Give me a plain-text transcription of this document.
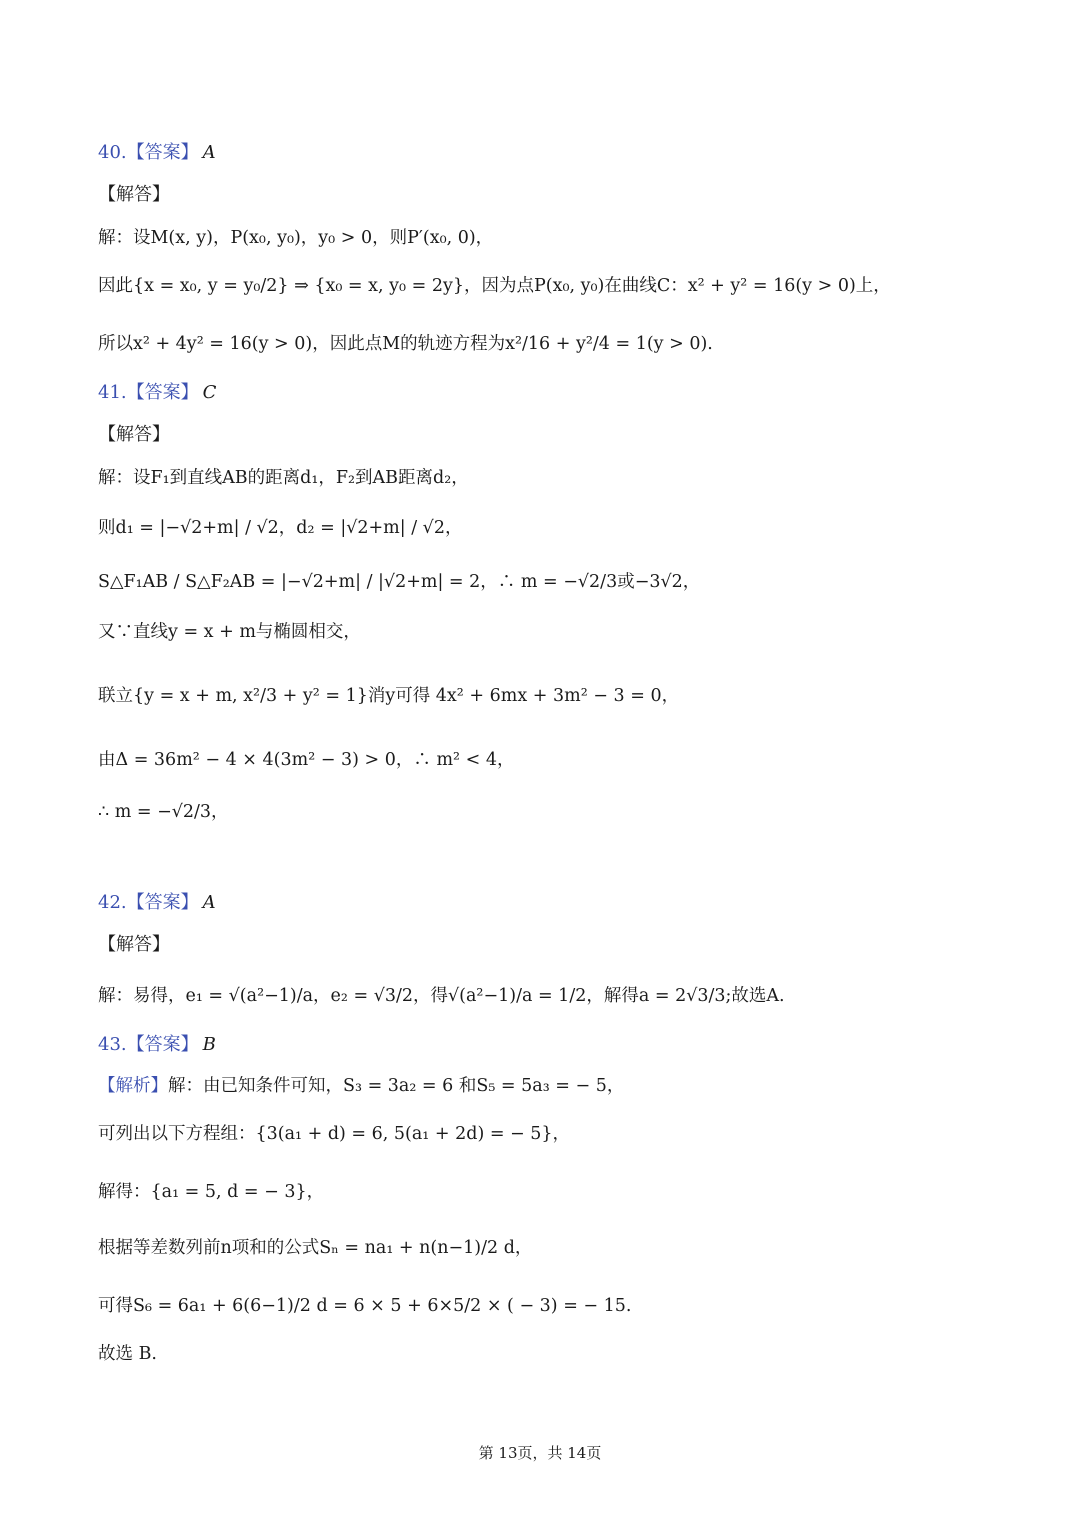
40.【答案】 A
【解答】
解：设M(x, y)，P(x₀, y₀)，y₀ > 0，则P′(x₀, 0)，
因此{x = x₀, y = y₀/2} ⇒ {x₀ = x, y₀ = 2y}，因为点P(x₀, y₀)在曲线C：x² + y² = 16(y > 0)上，
所以x² + 4y² = 16(y > 0)，因此点M的轨迹方程为x²/16 + y²/4 = 1(y > 0).
41.【答案】 C
【解答】
解：设F₁到直线AB的距离d₁，F₂到AB距离d₂，
则d₁ = |−√2+m| / √2，d₂ = |√2+m| / √2，
S△F₁AB / S△F₂AB = |−√2+m| / |√2+m| = 2，∴ m = −√2/3或−3√2，
又∵直线y = x + m与椭圆相交，
联立{y = x + m, x²/3 + y² = 1}消y可得 4x² + 6mx + 3m² − 3 = 0，
由Δ = 36m² − 4 × 4(3m² − 3) > 0，∴ m² < 4，
∴ m = −√2/3，
42.【答案】 A
【解答】
解：易得，e₁ = √(a²−1)/a，e₂ = √3/2，得√(a²−1)/a = 1/2，解得a = 2√3/3;故选A.
43.【答案】 B
【解析】解：由已知条件可知，S₃ = 3a₂ = 6 和S₅ = 5a₃ = − 5，
可列出以下方程组：{3(a₁ + d) = 6, 5(a₁ + 2d) = − 5}，
解得：{a₁ = 5, d = − 3}，
根据等差数列前n项和的公式Sₙ = na₁ + n(n−1)/2 d，
可得S₆ = 6a₁ + 6(6−1)/2 d = 6 × 5 + 6×5/2 × ( − 3) = − 15.
故选 B.
第 13页，共 14页
